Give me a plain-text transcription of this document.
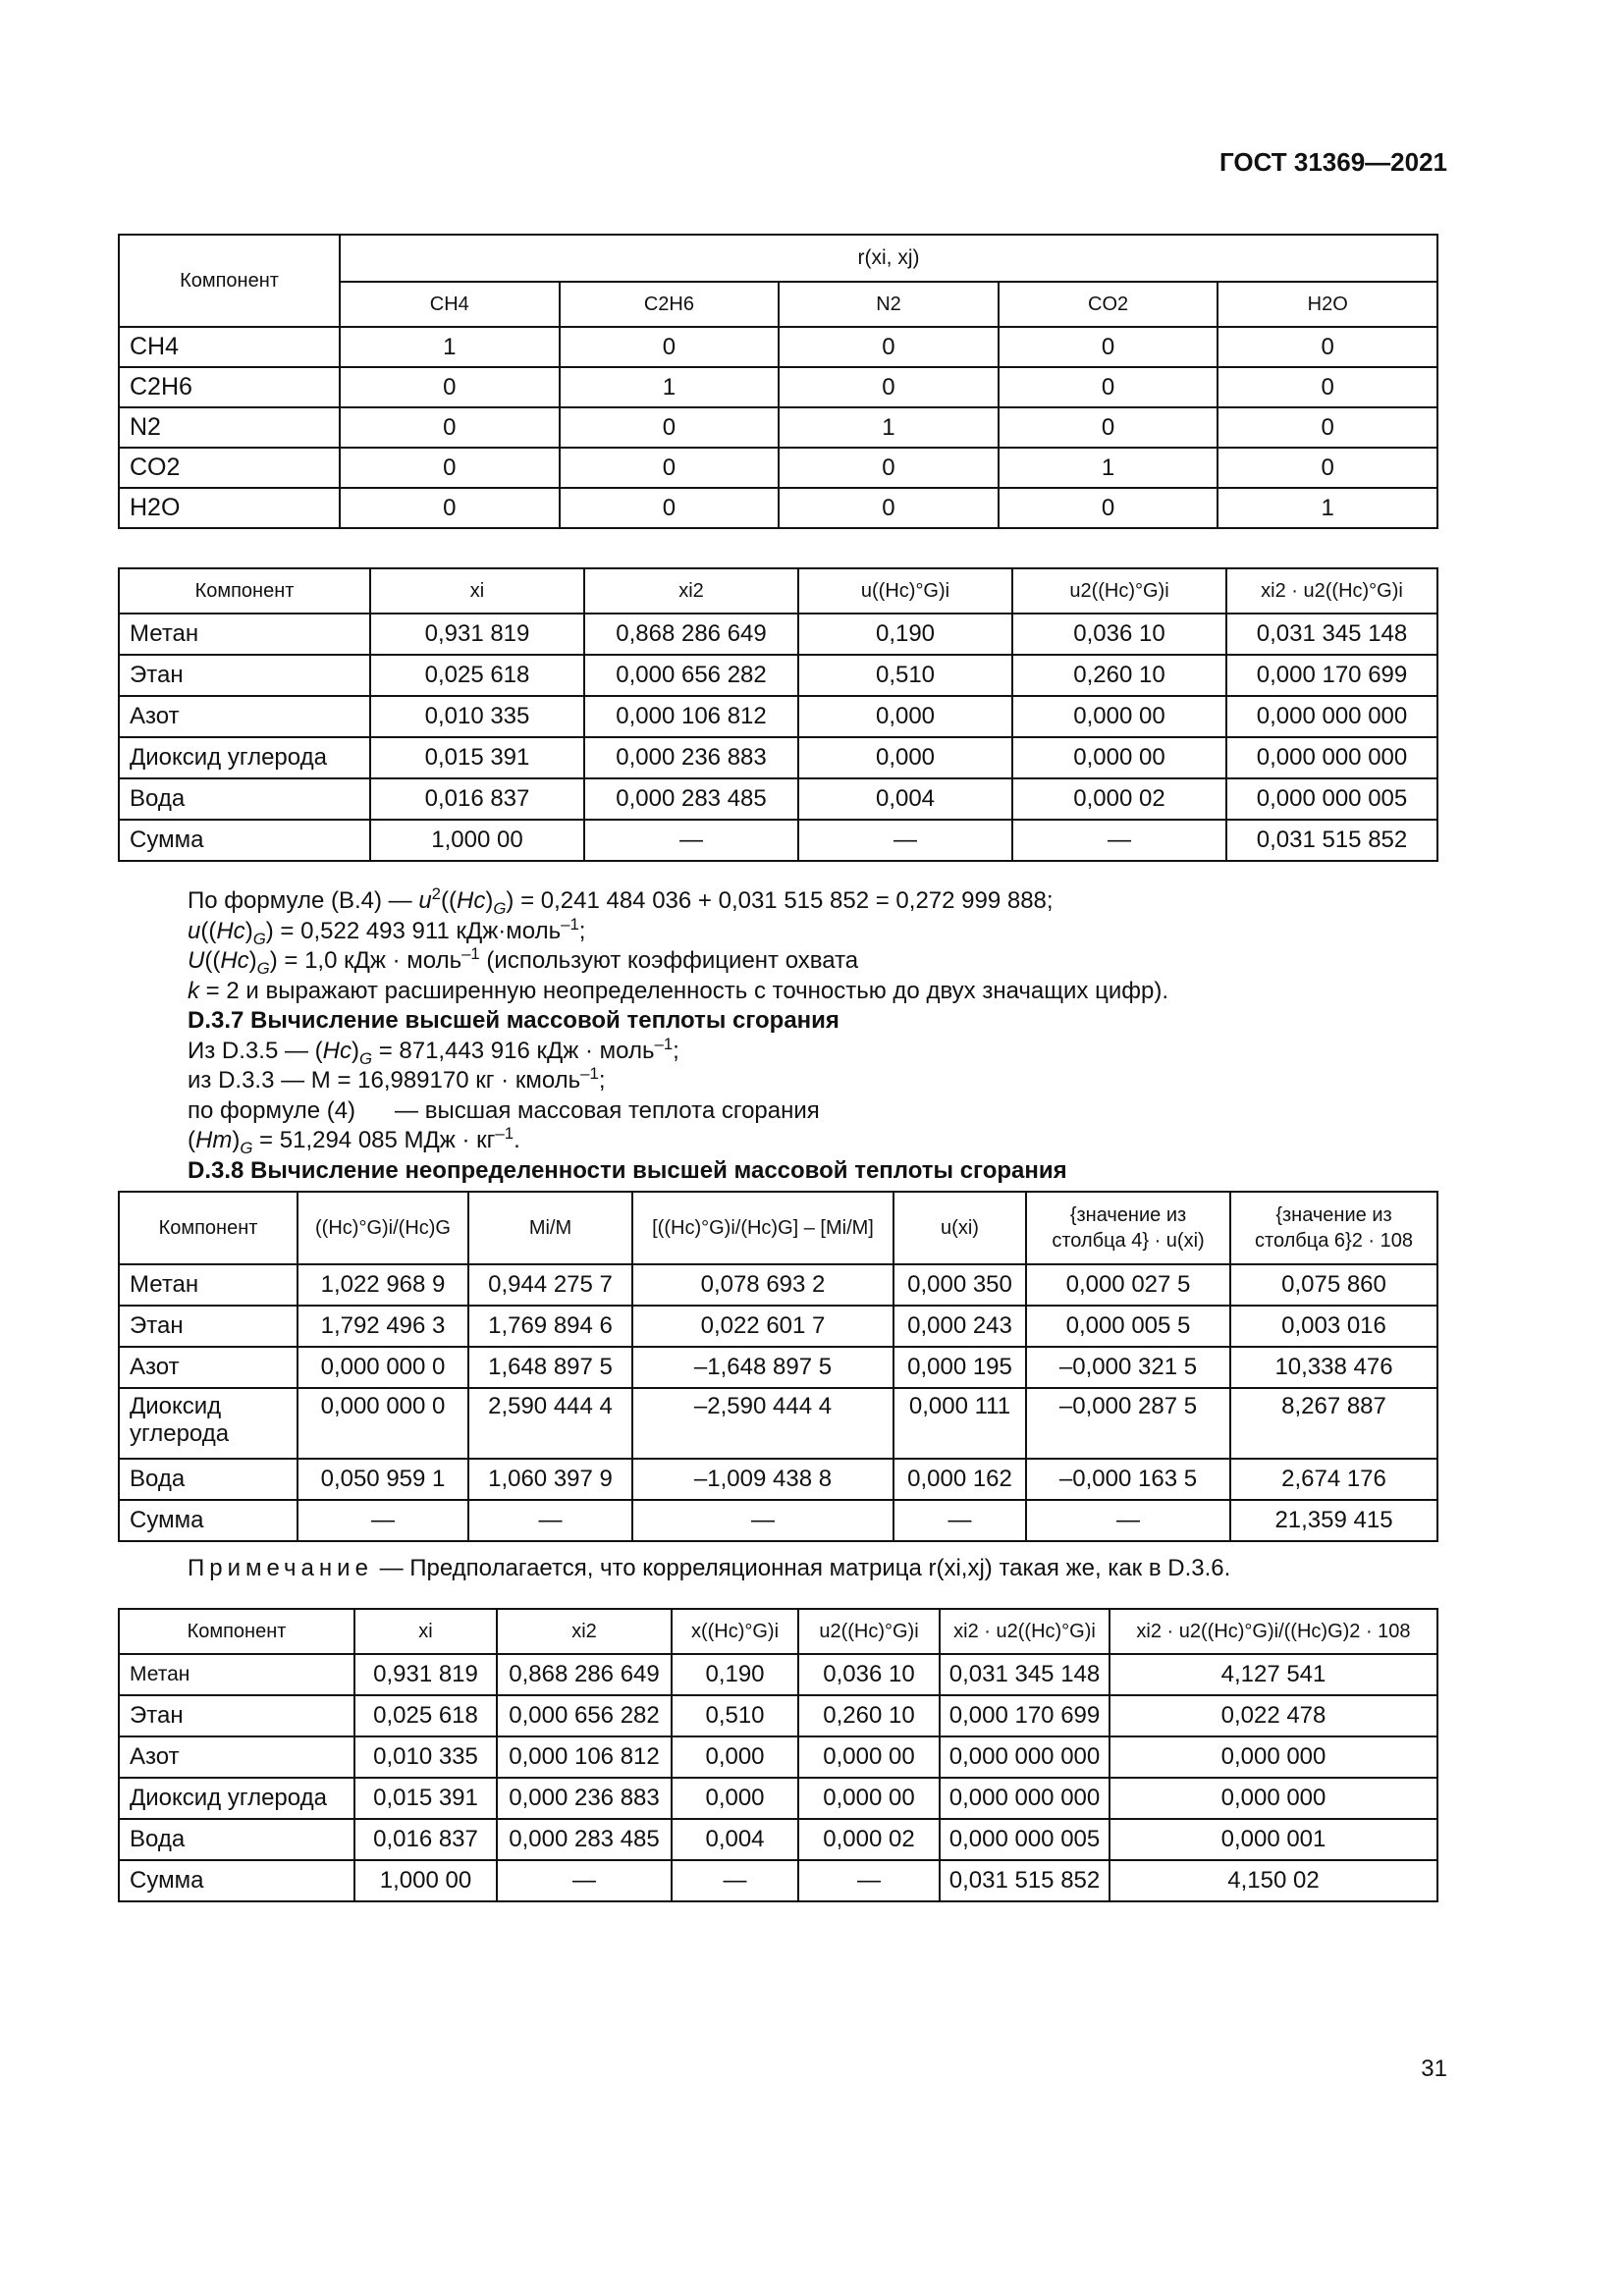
ГОСТ 31369—2021
Компонент	r(xi, xj)				
	CH4	C2H6	N2	CO2	H2O
CH4	1	0	0	0	0
C2H6	0	1	0	0	0
N2	0	0	1	0	0
CO2	0	0	0	1	0
H2O	0	0	0	0	1
Компонент	xi	xi2	u((Hc)°G)i	u2((Hc)°G)i	xi2 · u2((Hc)°G)i
Метан	0,931 819	0,868 286 649	0,190	0,036 10	0,031 345 148
Этан	0,025 618	0,000 656 282	0,510	0,260 10	0,000 170 699
Азот	0,010 335	0,000 106 812	0,000	0,000 00	0,000 000 000
Диоксид углерода	0,015 391	0,000 236 883	0,000	0,000 00	0,000 000 000
Вода	0,016 837	0,000 283 485	0,004	0,000 02	0,000 000 005
Сумма	1,000 00	—	—	—	0,031 515 852

По формуле (В.4) — $u^2((Hc)_G) = 0,241$ 484 036 + 0,031 515 852 = 0,272 999 888;

$u((Hc)_G) = 0,522$ 493 911 кДж·моль$^{-1}$;

$U((Hc)_G) = 1,0$ кДж · моль$^{-1}$ (используют коэффициент охвата

k = 2 и выражают расширенную неопределенность с точностью до двух значащих цифр).

D.3.7 Вычисление высшей массовой теплоты сгорания

Из D.3.5 — $(Hc)_G = 871,443$ 916 кДж · моль$^{-1}$;

из D.3.3 — М = 16,989170 кг · кмоль$^{-1}$;

по формуле (4) — высшая массовая теплота сгорания

$(Hm)_G = 51,294$ 085 МДж · $кг^{-1}$.

D.3.8 Вычисление неопределенности высшей массовой теплоты сгорания

Компонент	((Hc)°G)i/(Hc)G	Mi/M	[((Hc)°G)i/(Hc)G] – [Mi/M]	u(xi)	{значение из столбца 4} · u(xi)	{значение из столбца 6}2 · 108
Метан	1,022 968 9	0,944 275 7	0,078 693 2	0,000 350	0,000 027 5	0,075 860
Этан	1,792 496 3	1,769 894 6	0,022 601 7	0,000 243	0,000 005 5	0,003 016
Азот	0,000 000 0	1,648 897 5	–1,648 897 5	0,000 195	–0,000 321 5	10,338 476
Диоксид углерода	0,000 000 0	2,590 444 4	–2,590 444 4	0,000 111	–0,000 287 5	8,267 887
Вода	0,050 959 1	1,060 397 9	–1,009 438 8	0,000 162	–0,000 163 5	2,674 176
Сумма	—	—	—	—	—	21,359 415
Примечание — Предполагается, что корреляционная матрица r(xi,xj) такая же, как в D.3.6.
Компонент	xi	xi2	x((Hc)°G)i	u2((Hc)°G)i	xi2 · u2((Hc)°G)i	xi2 · u2((Hc)°G)i/((Hc)G)2 · 108
Метан	0,931 819	0,868 286 649	0,190	0,036 10	0,031 345 148	4,127 541
Этан	0,025 618	0,000 656 282	0,510	0,260 10	0,000 170 699	0,022 478
Азот	0,010 335	0,000 106 812	0,000	0,000 00	0,000 000 000	0,000 000
Диоксид углерода	0,015 391	0,000 236 883	0,000	0,000 00	0,000 000 000	0,000 000
Вода	0,016 837	0,000 283 485	0,004	0,000 02	0,000 000 005	0,000 001
Сумма	1,000 00	—	—	—	0,031 515 852	4,150 02
31
